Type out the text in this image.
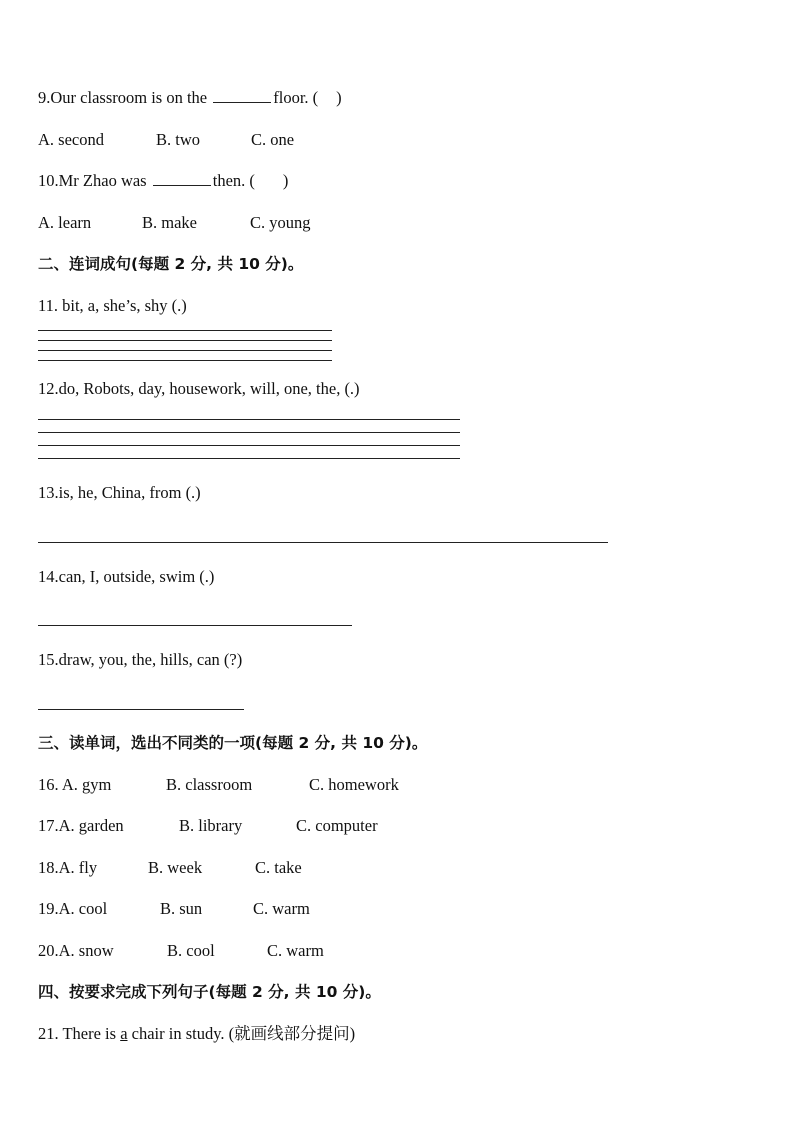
9.Our classroom is on the	floor. ( )
A. second	B. two	C. one
10.Mr Zhao was	then. ( )
A. learn	B. make	C. young
二、连词成句(每题 2 分, 共 10 分)。
11. bit, a, she’s, shy (.)
12.do, Robots, day, housework, will, one, the, (.)
13.is, he, China, from (.)
14.can, I, outside, swim (.)
15.draw, you, the, hills, can (?)
三、读单词，选出不同类的一项(每题 2 分, 共 10 分)。
16. A. gym	B. classroom	C. homework
17.A. garden	B. library	C. computer
18.A. fly	B. week	C. take
19.A. cool	B. sun	C. warm
20.A. snow	B. cool	C. warm
四、按要求完成下列句子(每题 2 分, 共 10 分)。
21. There is a chair in study. (就画线部分提问)
